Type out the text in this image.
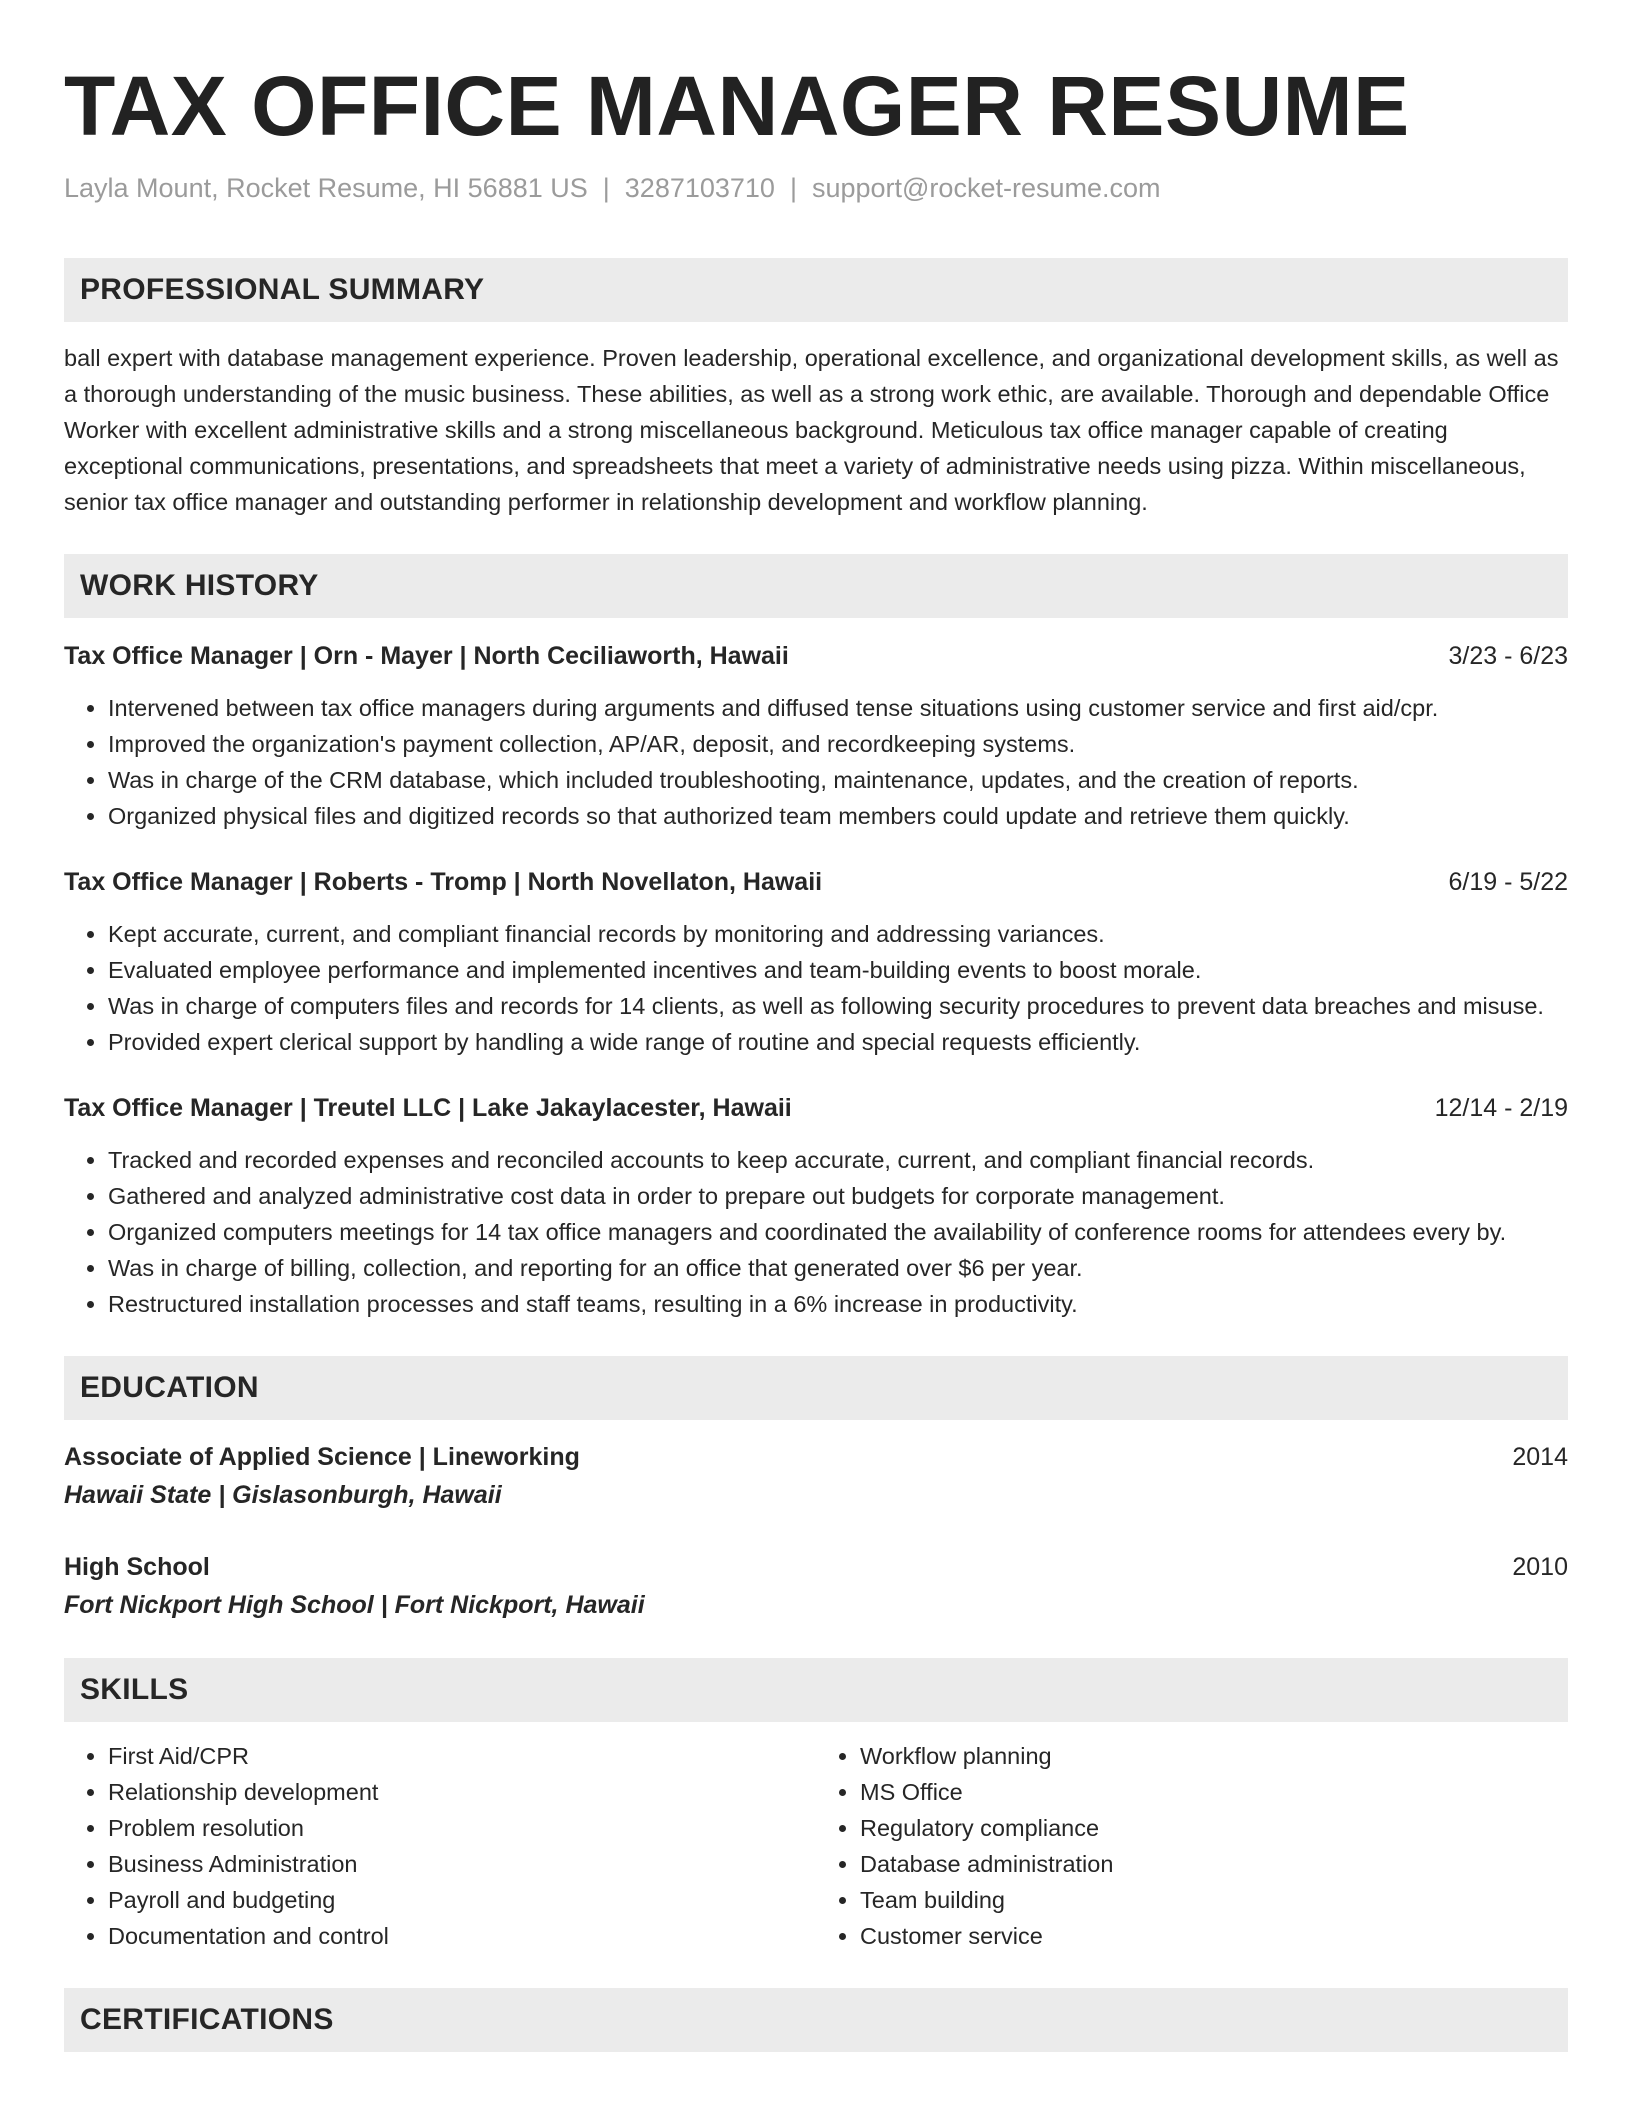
TAX OFFICE MANAGER RESUME
Layla Mount, Rocket Resume, HI 56881 US | 3287103710 | support@rocket-resume.com
PROFESSIONAL SUMMARY

ball expert with database management experience. Proven leadership, operational excellence, and organizational development skills, as well as a thorough understanding of the music business. These abilities, as well as a strong work ethic, are available. Thorough and dependable Office Worker with excellent administrative skills and a strong miscellaneous background. Meticulous tax office manager capable of creating exceptional communications, presentations, and spreadsheets that meet a variety of administrative needs using pizza. Within miscellaneous, senior tax office manager and outstanding performer in relationship development and workflow planning.

WORK HISTORY
Tax Office Manager | Orn - Mayer | North Ceciliaworth, Hawaii	3/23 - 6/23
• Intervened between tax office managers during arguments and diffused tense situations using customer service and first aid/cpr.
• Improved the organization's payment collection, AP/AR, deposit, and recordkeeping systems.
• Was in charge of the CRM database, which included troubleshooting, maintenance, updates, and the creation of reports.
• Organized physical files and digitized records so that authorized team members could update and retrieve them quickly.
Tax Office Manager | Roberts - Tromp | North Novellaton, Hawaii	6/19 - 5/22
• Kept accurate, current, and compliant financial records by monitoring and addressing variances.
• Evaluated employee performance and implemented incentives and team-building events to boost morale.
• Was in charge of computers files and records for 14 clients, as well as following security procedures to prevent data breaches and misuse.
• Provided expert clerical support by handling a wide range of routine and special requests efficiently.
Tax Office Manager | Treutel LLC | Lake Jakaylacester, Hawaii	12/14 - 2/19
• Tracked and recorded expenses and reconciled accounts to keep accurate, current, and compliant financial records.
• Gathered and analyzed administrative cost data in order to prepare out budgets for corporate management.
• Organized computers meetings for 14 tax office managers and coordinated the availability of conference rooms for attendees every by.
• Was in charge of billing, collection, and reporting for an office that generated over $6 per year.
• Restructured installation processes and staff teams, resulting in a 6% increase in productivity.
EDUCATION
Associate of Applied Science | Lineworking	2014
Hawaii State | Gislasonburgh, Hawaii
High School	2010
Fort Nickport High School | Fort Nickport, Hawaii
SKILLS
• First Aid/CPR
• Relationship development
• Problem resolution
• Business Administration
• Payroll and budgeting
• Documentation and control
• Workflow planning
• MS Office
• Regulatory compliance
• Database administration
• Team building
• Customer service
CERTIFICATIONS
